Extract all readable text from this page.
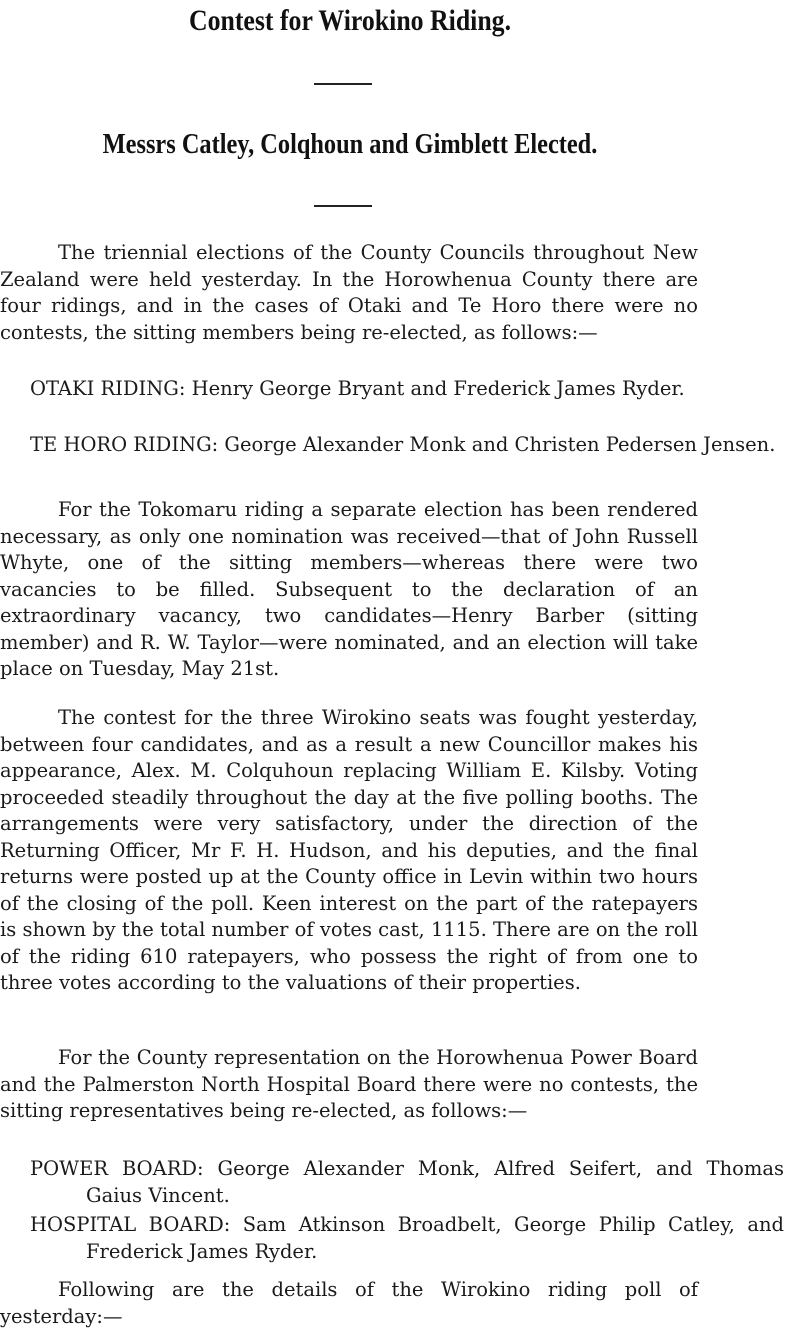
Contest for Wirokino Riding.
Messrs Catley, Colqhoun and Gimblett Elected.
The triennial elections of the County Councils throughout New Zealand were held yesterday. In the Horowhenua County there are four ridings, and in the cases of Otaki and Te Horo there were no contests, the sitting members being re-elected, as follows:—
OTAKI RIDING: Henry George Bryant and Frederick James Ryder.
TE HORO RIDING: George Alexander Monk and Christen Pedersen Jensen.
For the Tokomaru riding a separate election has been rendered necessary, as only one nomination was received—that of John Russell Whyte, one of the sitting members—whereas there were two vacancies to be filled. Subsequent to the declaration of an extraordinary vacancy, two candidates—Henry Barber (sitting member) and R. W. Taylor—were nominated, and an election will take place on Tuesday, May 21st.
The contest for the three Wirokino seats was fought yesterday, between four candidates, and as a result a new Councillor makes his appearance, Alex. M. Colquhoun replacing William E. Kilsby. Voting proceeded steadily throughout the day at the five polling booths. The arrangements were very satisfactory, under the direction of the Returning Officer, Mr F. H. Hudson, and his deputies, and the final returns were posted up at the County office in Levin within two hours of the closing of the poll. Keen interest on the part of the ratepayers is shown by the total number of votes cast, 1115. There are on the roll of the riding 610 ratepayers, who possess the right of from one to three votes according to the valuations of their properties.
For the County representation on the Horowhenua Power Board and the Palmerston North Hospital Board there were no contests, the sitting representatives being re-elected, as follows:—
POWER BOARD: George Alexander Monk, Alfred Seifert, and Thomas Gaius Vincent.
HOSPITAL BOARD: Sam Atkinson Broadbelt, George Philip Catley, and Frederick James Ryder.
Following are the details of the Wirokino riding poll of yesterday:—
